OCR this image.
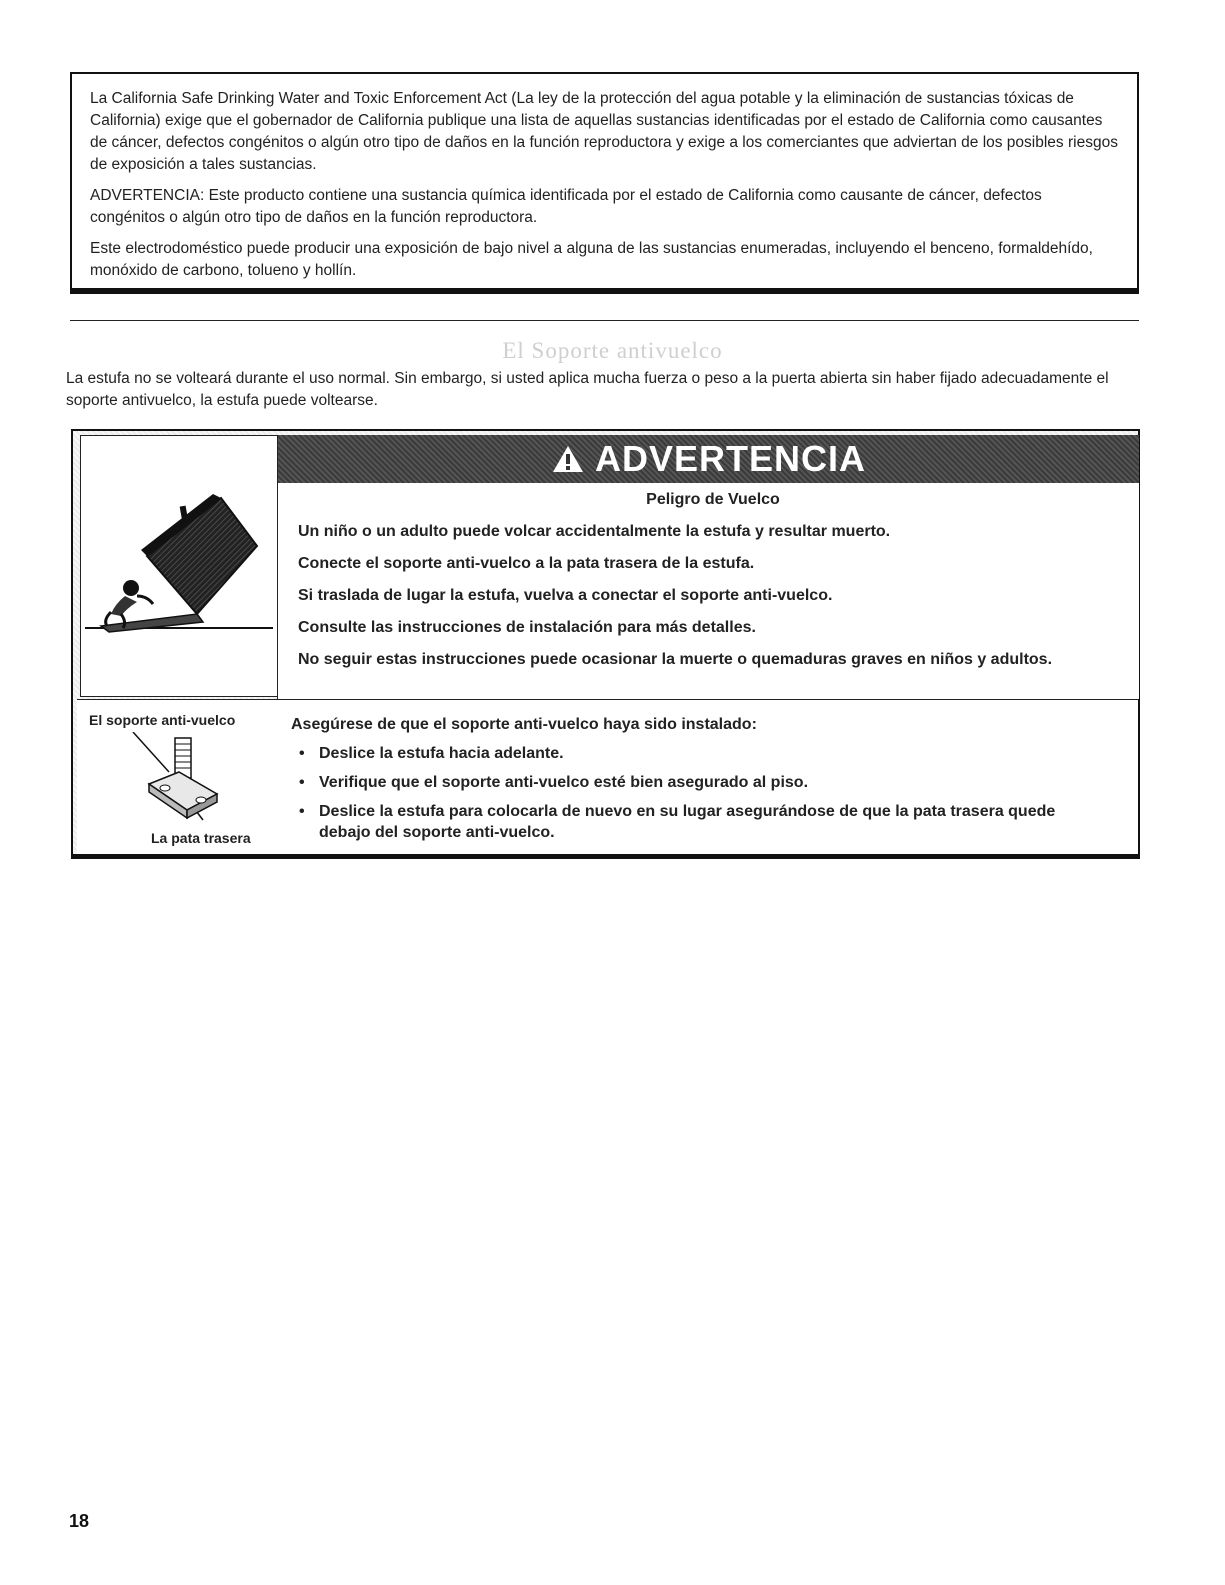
La California Safe Drinking Water and Toxic Enforcement Act (La ley de la protección del agua potable y la eliminación de sustancias tóxicas de California) exige que el gobernador de California publique una lista de aquellas sustancias identificadas por el estado de California como causantes de cáncer, defectos congénitos o algún otro tipo de daños en la función reproductora y exige a los comerciantes que adviertan de los posibles riesgos de exposición a tales sustancias.

ADVERTENCIA: Este producto contiene una sustancia química identificada por el estado de California como causante de cáncer, defectos congénitos o algún otro tipo de daños en la función reproductora.

Este electrodoméstico puede producir una exposición de bajo nivel a alguna de las sustancias enumeradas, incluyendo el benceno, formaldehído, monóxido de carbono, tolueno y hollín.

El Soporte antivuelco

La estufa no se volteará durante el uso normal. Sin embargo, si usted aplica mucha fuerza o peso a la puerta abierta sin haber fijado adecuadamente el soporte antivuelco, la estufa puede voltearse.

ADVERTENCIA

Peligro de Vuelco

Un niño o un adulto puede volcar accidentalmente la estufa y resultar muerto.

Conecte el soporte anti-vuelco a la pata trasera de la estufa.

Si traslada de lugar la estufa, vuelva a conectar el soporte anti-vuelco.

Consulte las instrucciones de instalación para más detalles.

No seguir estas instrucciones puede ocasionar la muerte o quemaduras graves en niños y adultos.

El soporte anti-vuelco
La pata trasera

Asegúrese de que el soporte anti-vuelco haya sido instalado:

• Deslice la estufa hacia adelante.
• Verifique que el soporte anti-vuelco esté bien asegurado al piso.
• Deslice la estufa para colocarla de nuevo en su lugar asegurándose de que la pata trasera quede debajo del soporte anti-vuelco.
18
